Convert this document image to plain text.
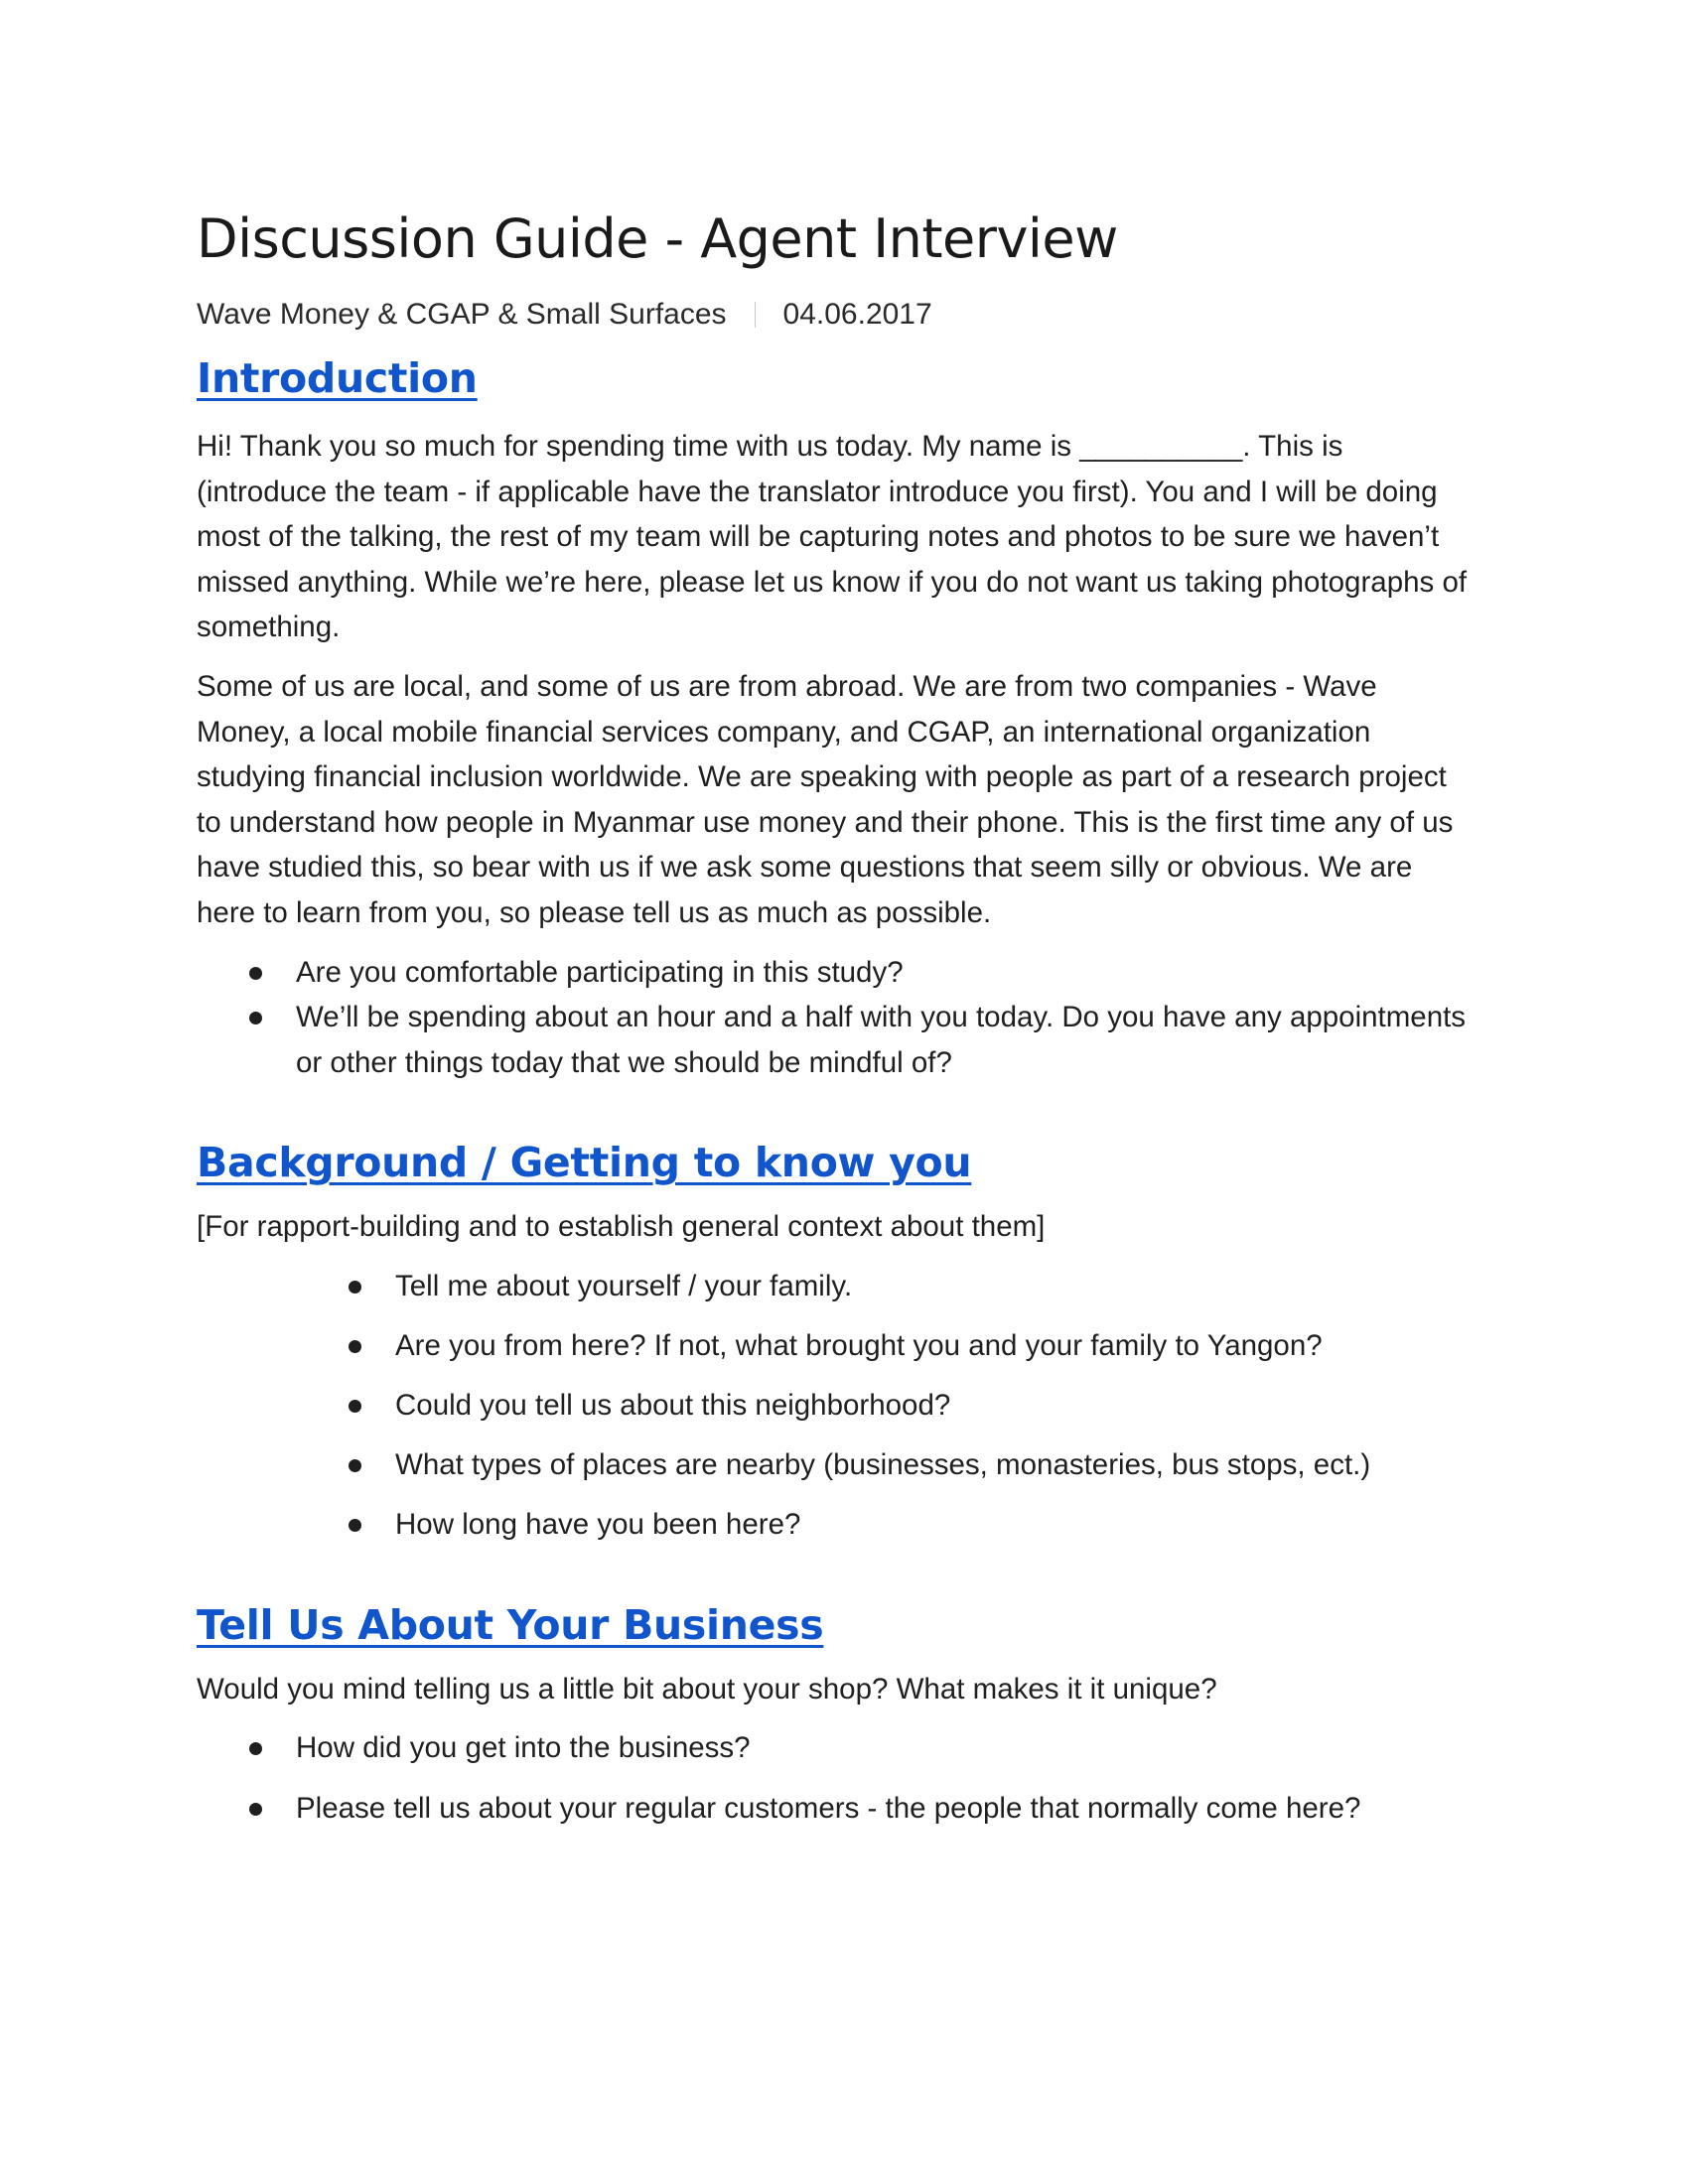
Discussion Guide - Agent Interview
Wave Money & CGAP & Small Surfaces 04.06.2017
Introduction

Hi! Thank you so much for spending time with us today. My name is __________. This is (introduce the team - if applicable have the translator introduce you first). You and I will be doing most of the talking, the rest of my team will be capturing notes and photos to be sure we haven’t missed anything. While we’re here, please let us know if you do not want us taking photographs of something.

Some of us are local, and some of us are from abroad. We are from two companies - Wave Money, a local mobile financial services company, and CGAP, an international organization studying financial inclusion worldwide. We are speaking with people as part of a research project to understand how people in Myanmar use money and their phone. This is the first time any of us have studied this, so bear with us if we ask some questions that seem silly or obvious. We are here to learn from you, so please tell us as much as possible.

Are you comfortable participating in this study?
We’ll be spending about an hour and a half with you today. Do you have any appointments or other things today that we should be mindful of?
Background / Getting to know you

[For rapport-building and to establish general context about them]

Tell me about yourself / your family.
Are you from here? If not, what brought you and your family to Yangon?
Could you tell us about this neighborhood?
What types of places are nearby (businesses, monasteries, bus stops, ect.)
How long have you been here?
Tell Us About Your Business

Would you mind telling us a little bit about your shop? What makes it it unique?

How did you get into the business?
Please tell us about your regular customers - the people that normally come here?
